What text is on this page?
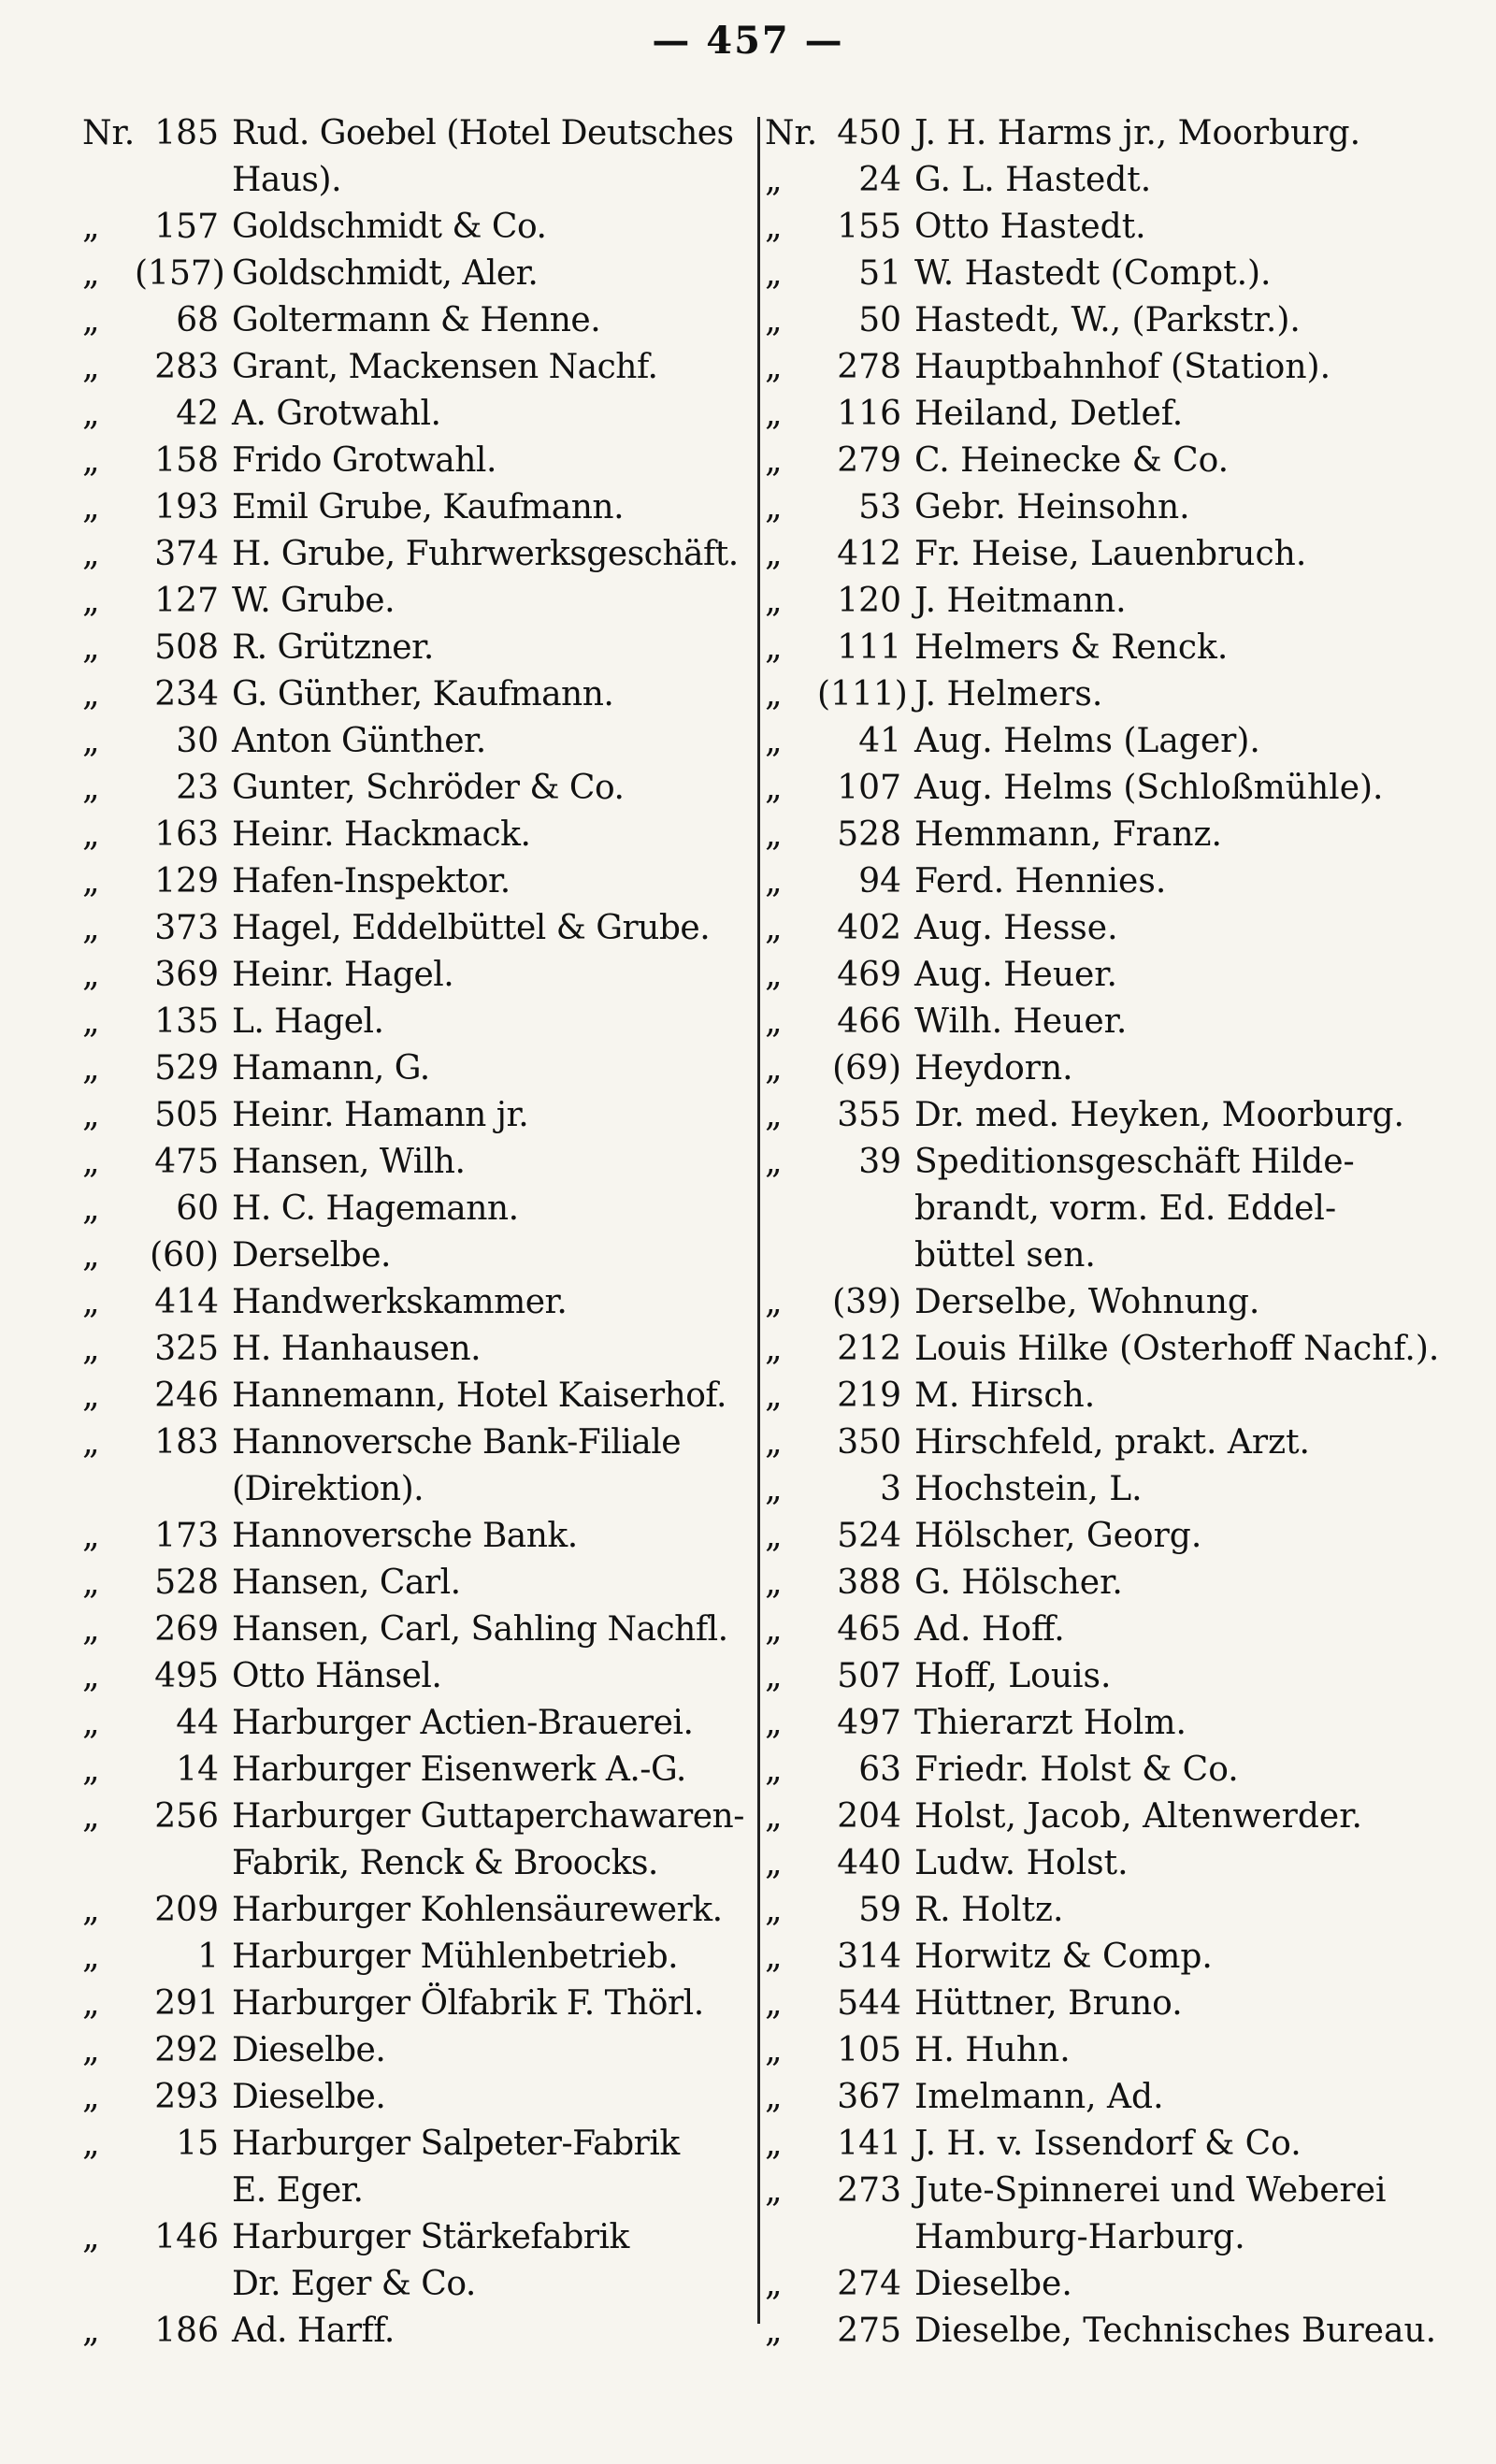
— 457 —
Nr. 185 Rud. Goebel (Hotel Deutsches
Haus).
„	157 Goldschmidt & Co.
„	(157) Goldschmidt, Aler.
„	68 Goltermann & Henne.
„	283 Grant, Mackensen Nachf.
„	42 A. Grotwahl.
„	158 Frido Grotwahl.
„	193 Emil Grube, Kaufmann.
„	374 H. Grube, Fuhrwerksgeschäft.
„	127 W. Grube.
„	508 R. Grützner.
„	234 G. Günther, Kaufmann.
„	30 Anton Günther.
„	23 Gunter, Schröder & Co.
„	163 Heinr. Hackmack.
„	129 Hafen-Inspektor.
„	373 Hagel, Eddelbüttel & Grube.
„	369 Heinr. Hagel.
„	135 L. Hagel.
„	529 Hamann, G.
„	505 Heinr. Hamann jr.
„	475 Hansen, Wilh.
„	60 H. C. Hagemann.
„	(60) Derselbe.
„	414 Handwerkskammer.
„	325 H. Hanhausen.
„	246 Hannemann, Hotel Kaiserhof.
„	183 Hannoversche Bank-Filiale
(Direktion).
„	173 Hannoversche Bank.
„	528 Hansen, Carl.
„	269 Hansen, Carl, Sahling Nachfl.
„	495 Otto Hänsel.
„	44 Harburger Actien-Brauerei.
„	14 Harburger Eisenwerk A.-G.
„	256 Harburger Guttaperchawaren-
Fabrik, Renck & Broocks.
„	209 Harburger Kohlensäurewerk.
„	1 Harburger Mühlenbetrieb.
„	291 Harburger Ölfabrik F. Thörl.
„	292 Dieselbe.
„	293 Dieselbe.
„	15 Harburger Salpeter-Fabrik
E. Eger.
„	146 Harburger Stärkefabrik
Dr. Eger & Co.
„	186 Ad. Harff.
Nr. 450 J. H. Harms jr., Moorburg.
„	24 G. L. Hastedt.
„	155 Otto Hastedt.
„	51 W. Hastedt (Compt.).
„	50 Hastedt, W., (Parkstr.).
„	278 Hauptbahnhof (Station).
„	116 Heiland, Detlef.
„	279 C. Heinecke & Co.
„	53 Gebr. Heinsohn.
„	412 Fr. Heise, Lauenbruch.
„	120 J. Heitmann.
„	111 Helmers & Renck.
„	(111) J. Helmers.
„	41 Aug. Helms (Lager).
„	107 Aug. Helms (Schloßmühle).
„	528 Hemmann, Franz.
„	94 Ferd. Hennies.
„	402 Aug. Hesse.
„	469 Aug. Heuer.
„	466 Wilh. Heuer.
„	(69) Heydorn.
„	355 Dr. med. Heyken, Moorburg.
„	39 Speditionsgeschäft Hilde-
brandt, vorm. Ed. Eddel-
büttel sen.
„	(39) Derselbe, Wohnung.
„	212 Louis Hilke (Osterhoff Nachf.).
„	219 M. Hirsch.
„	350 Hirschfeld, prakt. Arzt.
„	3 Hochstein, L.
„	524 Hölscher, Georg.
„	388 G. Hölscher.
„	465 Ad. Hoff.
„	507 Hoff, Louis.
„	497 Thierarzt Holm.
„	63 Friedr. Holst & Co.
„	204 Holst, Jacob, Altenwerder.
„	440 Ludw. Holst.
„	59 R. Holtz.
„	314 Horwitz & Comp.
„	544 Hüttner, Bruno.
„	105 H. Huhn.
„	367 Imelmann, Ad.
„	141 J. H. v. Issendorf & Co.
„	273 Jute-Spinnerei und Weberei
Hamburg-Harburg.
„	274 Dieselbe.
„	275 Dieselbe, Technisches Bureau.
